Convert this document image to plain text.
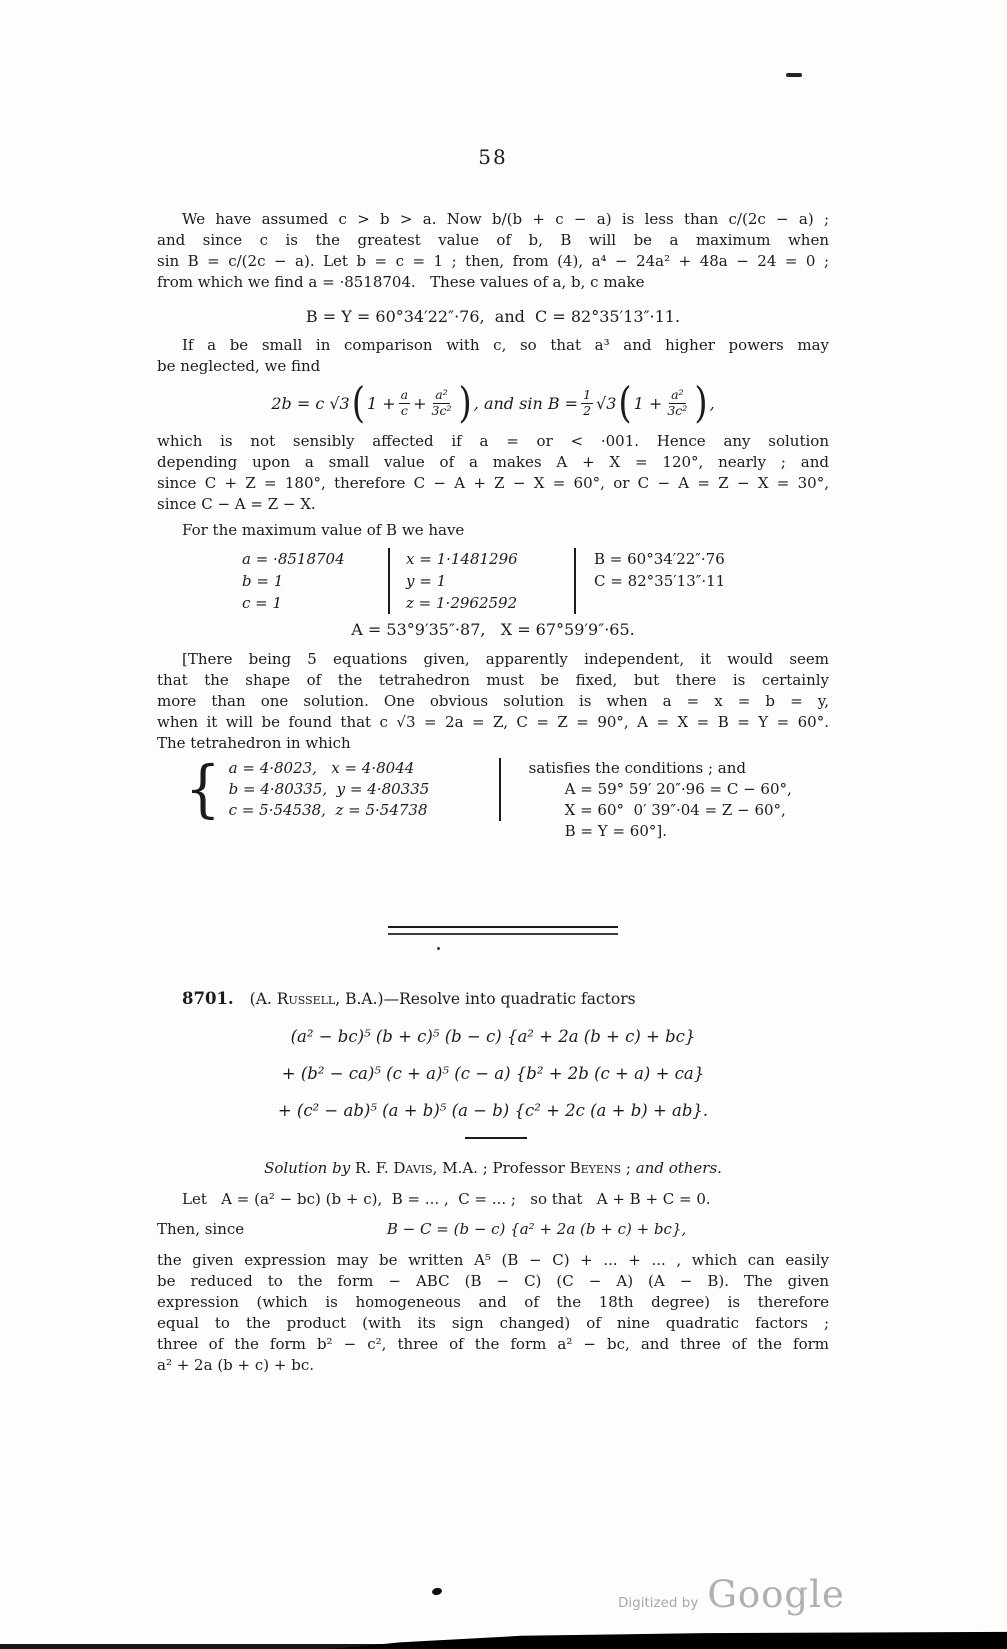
58
We have assumed c > b > a. Now b/(b + c − a) is less than c/(2c − a) ;
and since c is the greatest value of b, B will be a maximum when
sin B = c/(2c − a). Let b = c = 1 ; then, from (4), a⁴ − 24a² + 48a − 24 = 0 ;
from which we find a = ·8518704.   These values of a, b, c make
B = Y = 60°34′22″·76,  and  C = 82°35′13″·11.
If a be small in comparison with c, so that a³ and higher powers may
be neglected, we find
2b = c √3 ( $1 + \frac{a}{c} + \frac{\text{a²}}{\text{3c²}}$ ) , and $\sin B = \frac{1}{2} √3$ ( $1 + \frac{\text{a²}}{\text{3c²}}$ ) ,
which is not sensibly affected if a = or < ·001. Hence any solution
depending upon a small value of a makes A + X = 120°, nearly ; and
since C + Z = 180°, therefore C − A + Z − X = 60°, or C − A = Z − X = 30°,
since C − A = Z − X.
For the maximum value of B we have
a = ·8518704
b = 1
c = 1
x = 1·1481296
y = 1
z = 1·2962592
B = 60°34′22″·76
C = 82°35′13″·11
A = 53°9′35″·87,   X = 67°59′9″·65.
[There being 5 equations given, apparently independent, it would seem
that the shape of the tetrahedron must be fixed, but there is certainly
more than one solution. One obvious solution is when a = x = b = y,
when it will be found that c √3 = 2a = Z, C = Z = 90°, A = X = B = Y = 60°.
The tetrahedron in which
{ a = 4·8023,   x = 4·8044
b = 4·80335,  y = 4·80335
c = 5·54538,  z = 5·54738
satisfies the conditions ; and
A = 59° 59′ 20″·96 = C − 60°,
X = 60°  0′ 39″·04 = Z − 60°,
B = Y = 60°].
8701. (A. Russell, B.A.)—Resolve into quadratic factors
(a² − bc)⁵ (b + c)⁵ (b − c) {a² + 2a (b + c) + bc}
+ (b² − ca)⁵ (c + a)⁵ (c − a) {b² + 2b (c + a) + ca}
+ (c² − ab)⁵ (a + b)⁵ (a − b) {c² + 2c (a + b) + ab}.
Solution by R. F. Davis, M.A. ; Professor Beyens ; and others.
Let   A = (a² − bc) (b + c),  B = ... ,  C = ... ;   so that   A + B + C = 0.
Then, since	B − C = (b − c) {a² + 2a (b + c) + bc},
the given expression may be written A⁵ (B − C) + ... + ... , which can easily
be reduced to the form − ABC (B − C) (C − A) (A − B). The given
expression (which is homogeneous and of the 18th degree) is therefore
equal to the product (with its sign changed) of nine quadratic factors ;
three of the form b² − c², three of the form a² − bc, and three of the form
a² + 2a (b + c) + bc.
Digitized by Google
